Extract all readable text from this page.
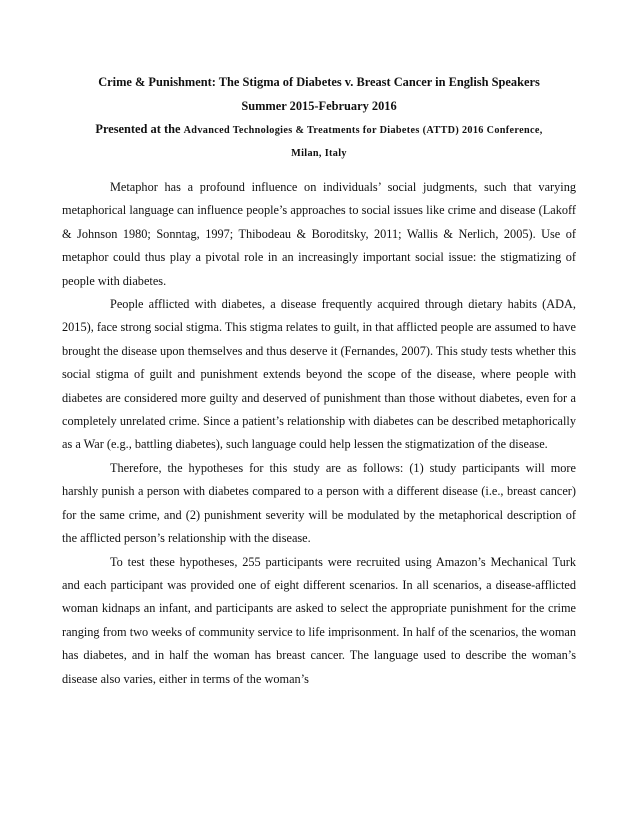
Crime & Punishment: The Stigma of Diabetes v. Breast Cancer in English Speakers

Summer 2015-February 2016

Presented at the Advanced Technologies & Treatments for Diabetes (ATTD) 2016 Conference,

Milan, Italy

Metaphor has a profound influence on individuals’ social judgments, such that varying metaphorical language can influence people’s approaches to social issues like crime and disease (Lakoff & Johnson 1980; Sonntag, 1997; Thibodeau & Boroditsky, 2011; Wallis & Nerlich, 2005). Use of metaphor could thus play a pivotal role in an increasingly important social issue: the stigmatizing of people with diabetes.

People afflicted with diabetes, a disease frequently acquired through dietary habits (ADA, 2015), face strong social stigma. This stigma relates to guilt, in that afflicted people are assumed to have brought the disease upon themselves and thus deserve it (Fernandes, 2007). This study tests whether this social stigma of guilt and punishment extends beyond the scope of the disease, where people with diabetes are considered more guilty and deserved of punishment than those without diabetes, even for a completely unrelated crime. Since a patient’s relationship with diabetes can be described metaphorically as a War (e.g., battling diabetes), such language could help lessen the stigmatization of the disease.

Therefore, the hypotheses for this study are as follows: (1) study participants will more harshly punish a person with diabetes compared to a person with a different disease (i.e., breast cancer) for the same crime, and (2) punishment severity will be modulated by the metaphorical description of the afflicted person’s relationship with the disease.

To test these hypotheses, 255 participants were recruited using Amazon’s Mechanical Turk and each participant was provided one of eight different scenarios. In all scenarios, a disease-afflicted woman kidnaps an infant, and participants are asked to select the appropriate punishment for the crime ranging from two weeks of community service to life imprisonment. In half of the scenarios, the woman has diabetes, and in half the woman has breast cancer. The language used to describe the woman’s disease also varies, either in terms of the woman’s
